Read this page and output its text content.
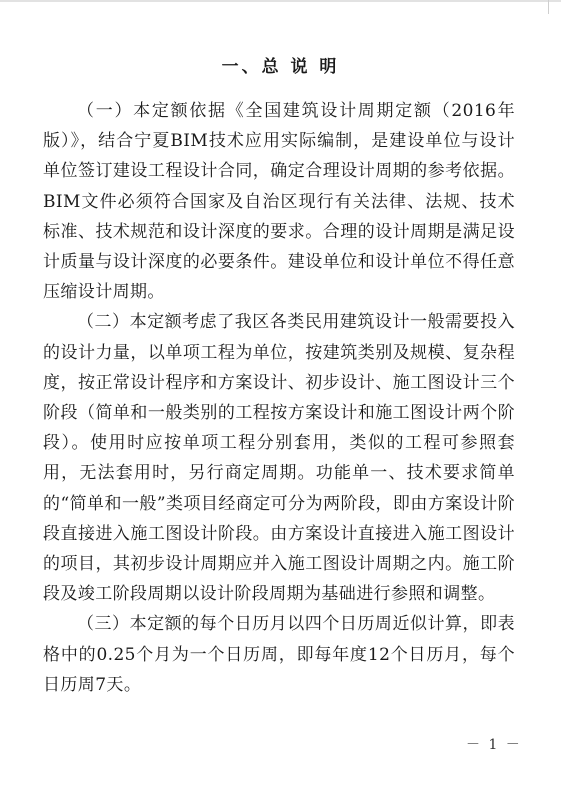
一、总 说 明

（一）本定额依据《全国建筑设计周期定额（2016年版）》，结合宁夏BIM技术应用实际编制，是建设单位与设计单位签订建设工程设计合同，确定合理设计周期的参考依据。BIM文件必须符合国家及自治区现行有关法律、法规、技术标准、技术规范和设计深度的要求。合理的设计周期是满足设计质量与设计深度的必要条件。建设单位和设计单位不得任意压缩设计周期。

（二）本定额考虑了我区各类民用建筑设计一般需要投入的设计力量，以单项工程为单位，按建筑类别及规模、复杂程度，按正常设计程序和方案设计、初步设计、施工图设计三个阶段（简单和一般类别的工程按方案设计和施工图设计两个阶段）。使用时应按单项工程分别套用，类似的工程可参照套用，无法套用时，另行商定周期。功能单一、技术要求简单的“简单和一般”类项目经商定可分为两阶段，即由方案设计阶段直接进入施工图设计阶段。由方案设计直接进入施工图设计的项目，其初步设计周期应并入施工图设计周期之内。施工阶段及竣工阶段周期以设计阶段周期为基础进行参照和调整。

（三）本定额的每个日历月以四个日历周近似计算，即表格中的0.25个月为一个日历周，即每年度12个日历月，每个日历周7天。

－ 1 －
